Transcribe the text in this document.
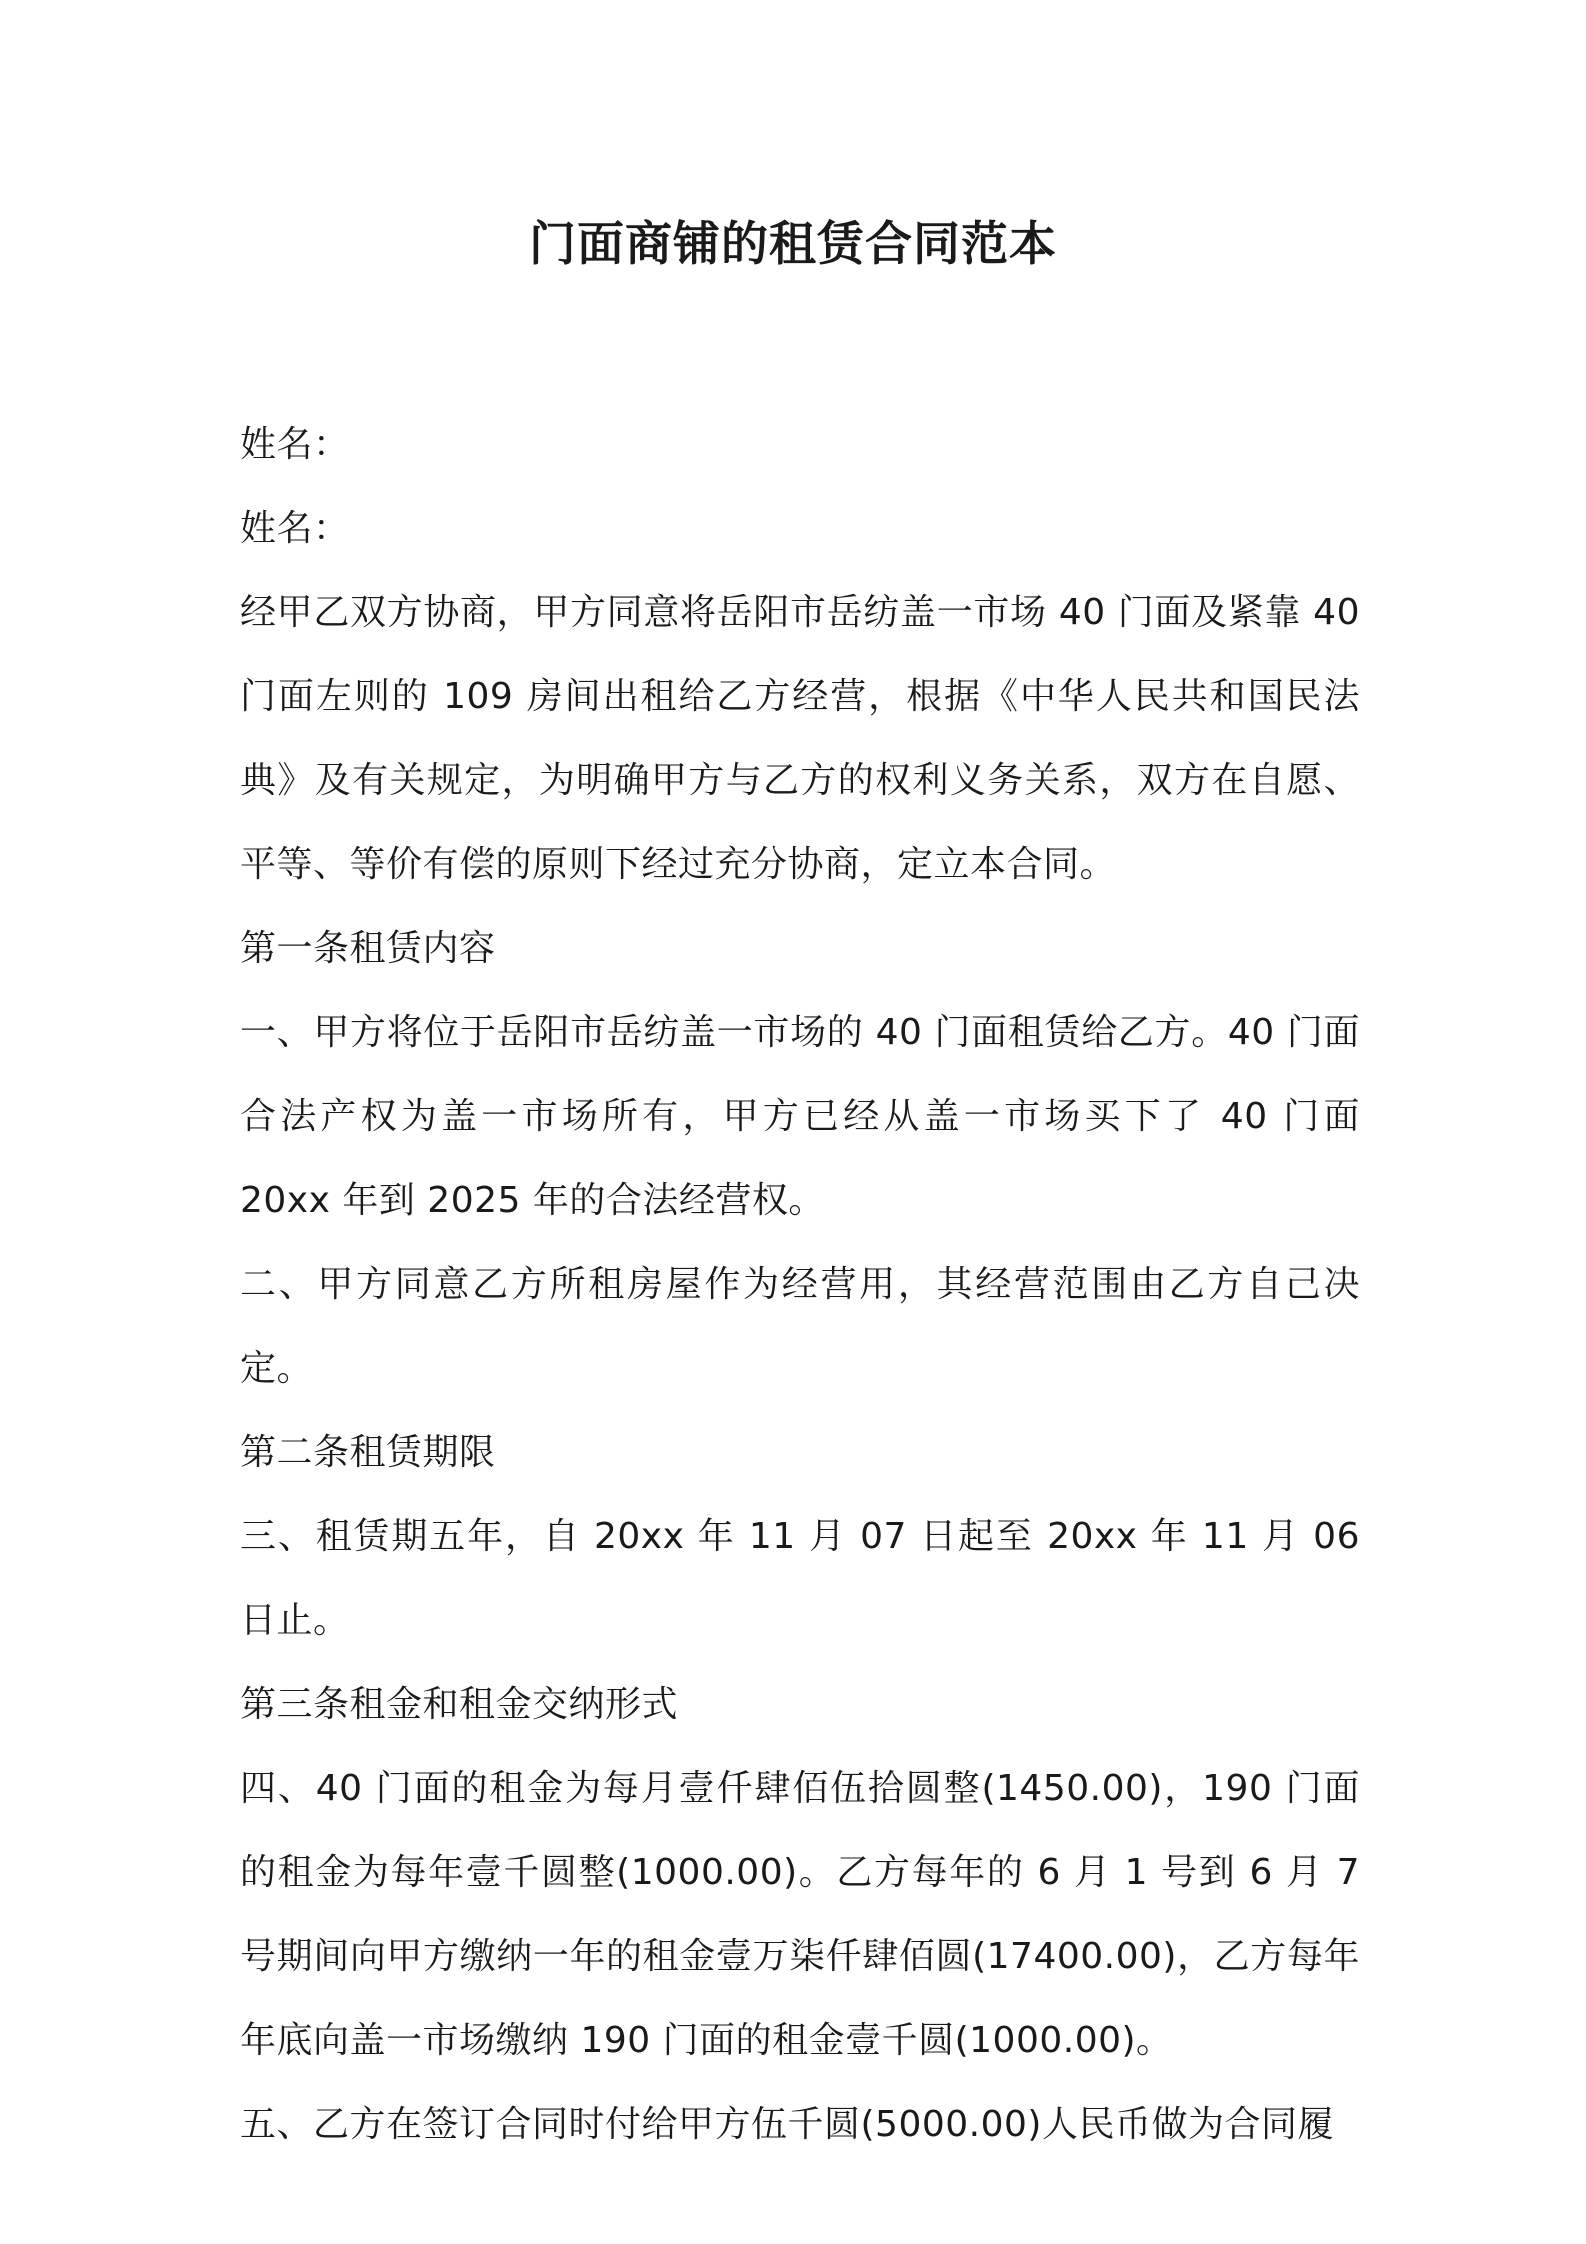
门面商铺的租赁合同范本

姓名：

姓名：

经甲乙双方协商，甲方同意将岳阳市岳纺盖一市场 40 门面及紧靠 40 门面左则的 109 房间出租给乙方经营，根据《中华人民共和国民法典》及有关规定，为明确甲方与乙方的权利义务关系，双方在自愿、平等、等价有偿的原则下经过充分协商，定立本合同。

第一条租赁内容

一、甲方将位于岳阳市岳纺盖一市场的 40 门面租赁给乙方。40 门面合法产权为盖一市场所有，甲方已经从盖一市场买下了 40 门面 20xx 年到 2025 年的合法经营权。

二、甲方同意乙方所租房屋作为经营用，其经营范围由乙方自己决定。

第二条租赁期限

三、租赁期五年，自 20xx 年 11 月 07 日起至 20xx 年 11 月 06 日止。

第三条租金和租金交纳形式

四、40 门面的租金为每月壹仟肆佰伍拾圆整(1450.00)，190 门面的租金为每年壹千圆整(1000.00)。乙方每年的 6 月 1 号到 6 月 7 号期间向甲方缴纳一年的租金壹万柒仟肆佰圆(17400.00)，乙方每年年底向盖一市场缴纳 190 门面的租金壹千圆(1000.00)。

五、乙方在签订合同时付给甲方伍千圆(5000.00)人民币做为合同履
